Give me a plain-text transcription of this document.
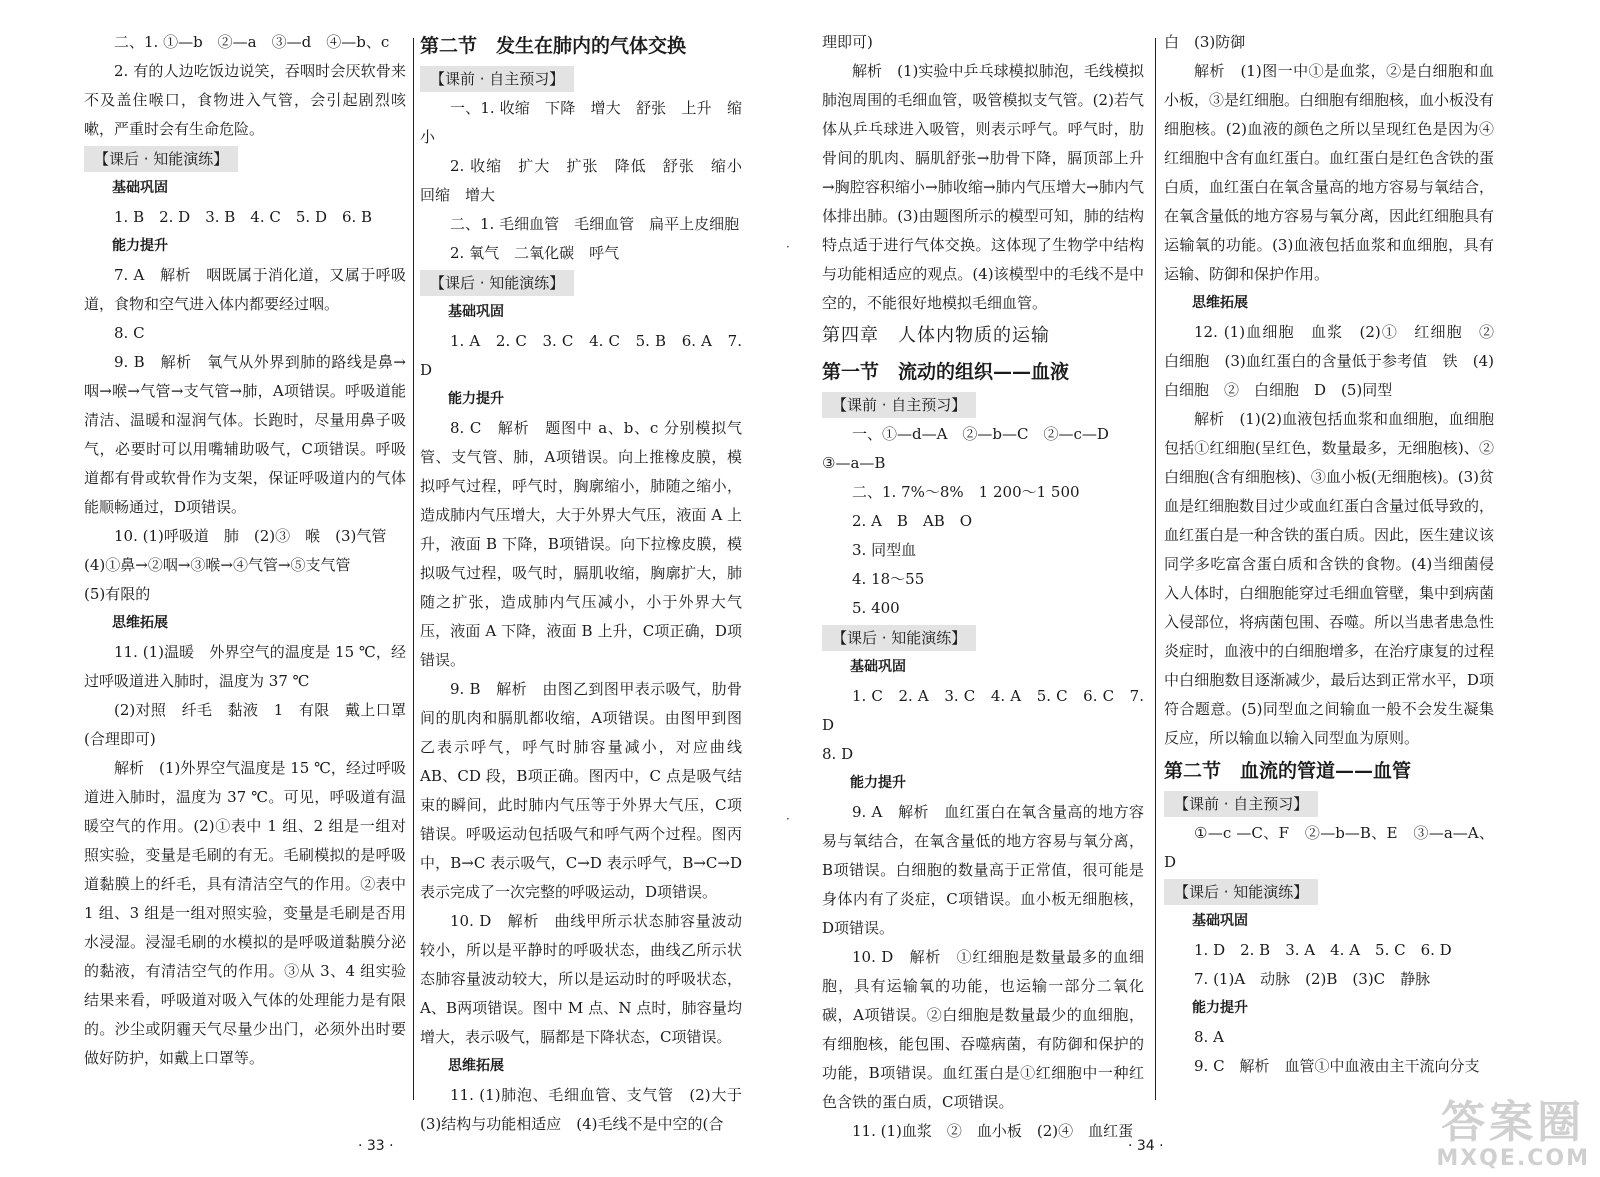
二、1. ①—b　②—a　③—d　④—b、c

2. 有的人边吃饭边说笑，吞咽时会厌软骨来不及盖住喉口，食物进入气管，会引起剧烈咳嗽，严重时会有生命危险。

【课后 · 知能演练】

基础巩固

1. B　2. D　3. B　4. C　5. D　6. B

能力提升

7. A　解析　咽既属于消化道，又属于呼吸道，食物和空气进入体内都要经过咽。

8. C

9. B　解析　氧气从外界到肺的路线是鼻→咽→喉→气管→支气管→肺，A项错误。呼吸道能清洁、温暖和湿润气体。长跑时，尽量用鼻子吸气，必要时可以用嘴辅助吸气，C项错误。呼吸道都有骨或软骨作为支架，保证呼吸道内的气体能顺畅通过，D项错误。

10. (1)呼吸道　肺　(2)③　喉　(3)气管

(4)①鼻→②咽→③喉→④气管→⑤支气管

(5)有限的

思维拓展

11. (1)温暖　外界空气的温度是 15 ℃，经过呼吸道进入肺时，温度为 37 ℃

(2)对照　纤毛　黏液　1　有限　戴上口罩(合理即可)

解析　(1)外界空气温度是 15 ℃，经过呼吸道进入肺时，温度为 37 ℃。可见，呼吸道有温暖空气的作用。(2)①表中 1 组、2 组是一组对照实验，变量是毛刷的有无。毛刷模拟的是呼吸道黏膜上的纤毛，具有清洁空气的作用。②表中 1 组、3 组是一组对照实验，变量是毛刷是否用水浸湿。浸湿毛刷的水模拟的是呼吸道黏膜分泌的黏液，有清洁空气的作用。③从 3、4 组实验结果来看，呼吸道对吸入气体的处理能力是有限的。沙尘或阴霾天气尽量少出门，必须外出时要做好防护，如戴上口罩等。

第二节　发生在肺内的气体交换

【课前 · 自主预习】

一、1. 收缩　下降　增大　舒张　上升　缩小

2. 收缩　扩大　扩张　降低　舒张　缩小　回缩　增大

二、1. 毛细血管　毛细血管　扁平上皮细胞

2. 氧气　二氧化碳　呼气

【课后 · 知能演练】

基础巩固

1. A　2. C　3. C　4. C　5. B　6. A　7. D

能力提升

8. C　解析　题图中 a、b、c 分别模拟气管、支气管、肺，A项错误。向上推橡皮膜，模拟呼气过程，呼气时，胸廓缩小，肺随之缩小，造成肺内气压增大，大于外界大气压，液面 A 上升，液面 B 下降，B项错误。向下拉橡皮膜，模拟吸气过程，吸气时，膈肌收缩，胸廓扩大，肺随之扩张，造成肺内气压减小，小于外界大气压，液面 A 下降，液面 B 上升，C项正确，D项错误。

9. B　解析　由图乙到图甲表示吸气，肋骨间的肌肉和膈肌都收缩，A项错误。由图甲到图乙表示呼气，呼气时肺容量减小，对应曲线 AB、CD 段，B项正确。图丙中，C 点是吸气结束的瞬间，此时肺内气压等于外界大气压，C项错误。呼吸运动包括吸气和呼气两个过程。图丙中，B→C 表示吸气，C→D 表示呼气，B→C→D 表示完成了一次完整的呼吸运动，D项错误。

10. D　解析　曲线甲所示状态肺容量波动较小，所以是平静时的呼吸状态，曲线乙所示状态肺容量波动较大，所以是运动时的呼吸状态，A、B两项错误。图中 M 点、N 点时，肺容量均增大，表示吸气，膈都是下降状态，C项错误。

思维拓展

11. (1)肺泡、毛细血管、支气管　(2)大于　(3)结构与功能相适应　(4)毛线不是中空的(合

理即可)

解析　(1)实验中乒乓球模拟肺泡，毛线模拟肺泡周围的毛细血管，吸管模拟支气管。(2)若气体从乒乓球进入吸管，则表示呼气。呼气时，肋骨间的肌肉、膈肌舒张→肋骨下降，膈顶部上升→胸腔容积缩小→肺收缩→肺内气压增大→肺内气体排出肺。(3)由题图所示的模型可知，肺的结构特点适于进行气体交换。这体现了生物学中结构与功能相适应的观点。(4)该模型中的毛线不是中空的，不能很好地模拟毛细血管。

第四章　人体内物质的运输

第一节　流动的组织——血液

【课前 · 自主预习】

一、①—d—A　②—b—C　②—c—D

③—a—B

二、1. 7%～8%　1 200～1 500

2. A　B　AB　O

3. 同型血

4. 18～55

5. 400

【课后 · 知能演练】

基础巩固

1. C　2. A　3. C　4. A　5. C　6. C　7. D

8. D

能力提升

9. A　解析　血红蛋白在氧含量高的地方容易与氧结合，在氧含量低的地方容易与氧分离，B项错误。白细胞的数量高于正常值，很可能是身体内有了炎症，C项错误。血小板无细胞核，D项错误。

10. D　解析　①红细胞是数量最多的血细胞，具有运输氧的功能，也运输一部分二氧化碳，A项错误。②白细胞是数量最少的血细胞，有细胞核，能包围、吞噬病菌，有防御和保护的功能，B项错误。血红蛋白是①红细胞中一种红色含铁的蛋白质，C项错误。

11. (1)血浆　②　血小板　(2)④　血红蛋

白　(3)防御

解析　(1)图一中①是血浆，②是白细胞和血小板，③是红细胞。白细胞有细胞核，血小板没有细胞核。(2)血液的颜色之所以呈现红色是因为④红细胞中含有血红蛋白。血红蛋白是红色含铁的蛋白质，血红蛋白在氧含量高的地方容易与氧结合，在氧含量低的地方容易与氧分离，因此红细胞具有运输氧的功能。(3)血液包括血浆和血细胞，具有运输、防御和保护作用。

思维拓展

12. (1)血细胞　血浆　(2)①　红细胞　②　白细胞　(3)血红蛋白的含量低于参考值　铁　(4)白细胞　②　白细胞　D　(5)同型

解析　(1)(2)血液包括血浆和血细胞，血细胞包括①红细胞(呈红色，数量最多，无细胞核)、②白细胞(含有细胞核)、③血小板(无细胞核)。(3)贫血是红细胞数目过少或血红蛋白含量过低导致的，血红蛋白是一种含铁的蛋白质。因此，医生建议该同学多吃富含蛋白质和含铁的食物。(4)当细菌侵入人体时，白细胞能穿过毛细血管壁，集中到病菌入侵部位，将病菌包围、吞噬。所以当患者患急性炎症时，血液中的白细胞增多，在治疗康复的过程中白细胞数目逐渐减少，最后达到正常水平，D项符合题意。(5)同型血之间输血一般不会发生凝集反应，所以输血以输入同型血为原则。

第二节　血流的管道——血管

【课前 · 自主预习】

①—c —C、F　②—b—B、E　③—a—A、D

【课后 · 知能演练】

基础巩固

1. D　2. B　3. A　4. A　5. C　6. D

7. (1)A　动脉　(2)B　(3)C　静脉

能力提升

8. A

9. C　解析　血管①中血液由主干流向分支

·
·
· 33 ·	· 34 ·	答案圈
MXQE.COM
